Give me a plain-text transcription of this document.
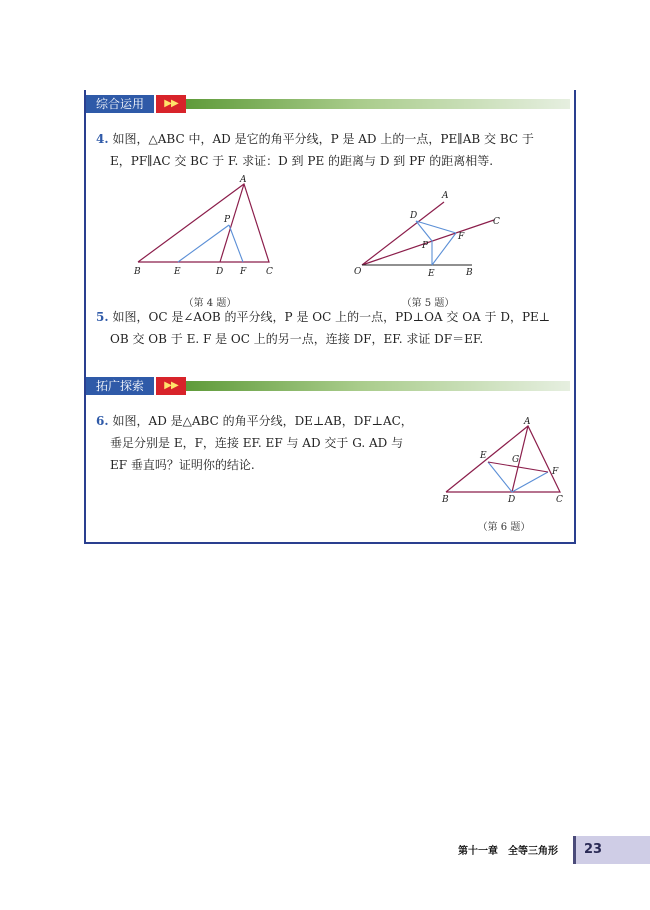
综合运用	▶▶
4. 如图，△ABC 中，AD 是它的角平分线，P 是 AD 上的一点，PE∥AB 交 BC 于
E，PF∥AC 交 BC 于 F. 求证：D 到 PE 的距离与 D 到 PF 的距离相等.
A
P
B	E	D F C
（第 4 题）
A
D
C
F
P
O	E	B
（第 5 题）
5. 如图，OC 是∠AOB 的平分线，P 是 OC 上的一点，PD⊥OA 交 OA 于 D，PE⊥
OB 交 OB 于 E. F 是 OC 上的另一点，连接 DF，EF. 求证 DF＝EF.
拓广探索	▶▶
6. 如图，AD 是△ABC 的角平分线，DE⊥AB，DF⊥AC，
垂足分别是 E，F，连接 EF. EF 与 AD 交于 G. AD 与
EF 垂直吗？证明你的结论.
A
E	G
F
B	D	C
（第 6 题）
第十一章　全等三角形	23
